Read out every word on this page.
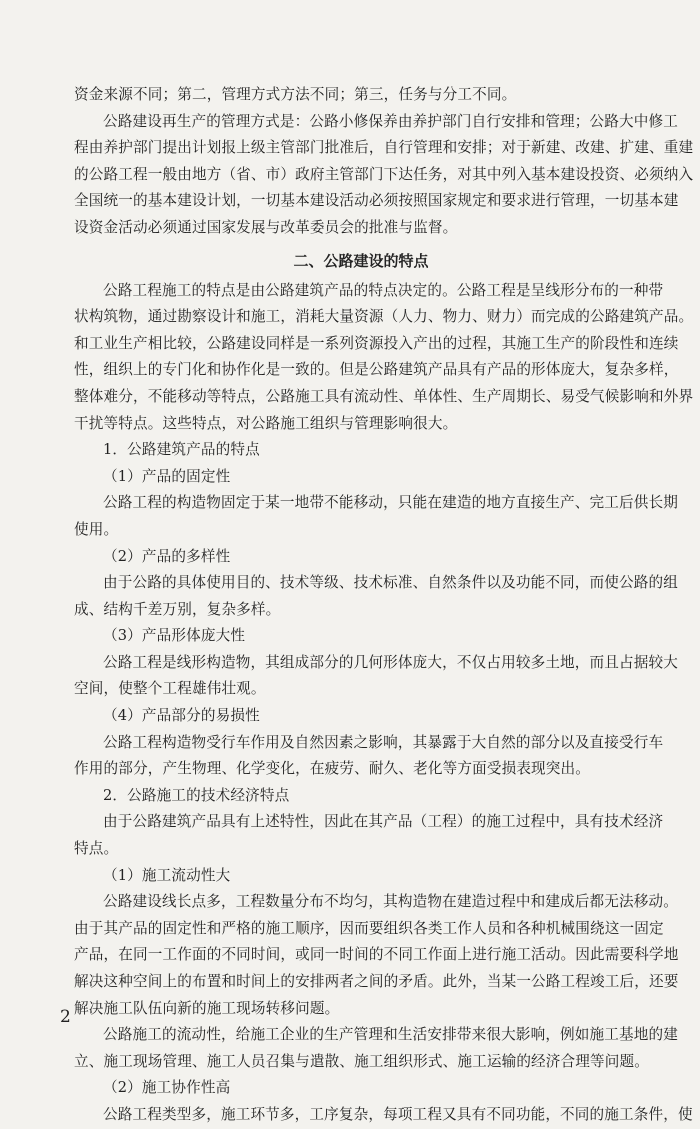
资金来源不同；第二，管理方式方法不同；第三，任务与分工不同。

公路建设再生产的管理方式是：公路小修保养由养护部门自行安排和管理；公路大中修工

程由养护部门提出计划报上级主管部门批准后，自行管理和安排；对于新建、改建、扩建、重建

的公路工程一般由地方（省、市）政府主管部门下达任务，对其中列入基本建设投资、必须纳入

全国统一的基本建设计划，一切基本建设活动必须按照国家规定和要求进行管理，一切基本建

设资金活动必须通过国家发展与改革委员会的批准与监督。

二、公路建设的特点

公路工程施工的特点是由公路建筑产品的特点决定的。公路工程是呈线形分布的一种带

状构筑物，通过勘察设计和施工，消耗大量资源（人力、物力、财力）而完成的公路建筑产品。

和工业生产相比较，公路建设同样是一系列资源投入产出的过程，其施工生产的阶段性和连续

性，组织上的专门化和协作化是一致的。但是公路建筑产品具有产品的形体庞大，复杂多样，

整体难分，不能移动等特点，公路施工具有流动性、单体性、生产周期长、易受气候影响和外界

干扰等特点。这些特点，对公路施工组织与管理影响很大。

1．公路建筑产品的特点

（1）产品的固定性

公路工程的构造物固定于某一地带不能移动，只能在建造的地方直接生产、完工后供长期

使用。

（2）产品的多样性

由于公路的具体使用目的、技术等级、技术标准、自然条件以及功能不同，而使公路的组

成、结构千差万别，复杂多样。

（3）产品形体庞大性

公路工程是线形构造物，其组成部分的几何形体庞大，不仅占用较多土地，而且占据较大

空间，使整个工程雄伟壮观。

（4）产品部分的易损性

公路工程构造物受行车作用及自然因素之影响，其暴露于大自然的部分以及直接受行车

作用的部分，产生物理、化学变化，在疲劳、耐久、老化等方面受损表现突出。

2．公路施工的技术经济特点

由于公路建筑产品具有上述特性，因此在其产品（工程）的施工过程中，具有技术经济

特点。

（1）施工流动性大

公路建设线长点多，工程数量分布不均匀，其构造物在建造过程中和建成后都无法移动。

由于其产品的固定性和严格的施工顺序，因而要组织各类工作人员和各种机械围绕这一固定

产品，在同一工作面的不同时间，或同一时间的不同工作面上进行施工活动。因此需要科学地

解决这种空间上的布置和时间上的安排两者之间的矛盾。此外，当某一公路工程竣工后，还要

解决施工队伍向新的施工现场转移问题。

公路施工的流动性，给施工企业的生产管理和生活安排带来很大影响，例如施工基地的建

立、施工现场管理、施工人员召集与遣散、施工组织形式、施工运输的经济合理等问题。

（2）施工协作性高

公路工程类型多，施工环节多，工序复杂，每项工程又具有不同功能，不同的施工条件，使

2
